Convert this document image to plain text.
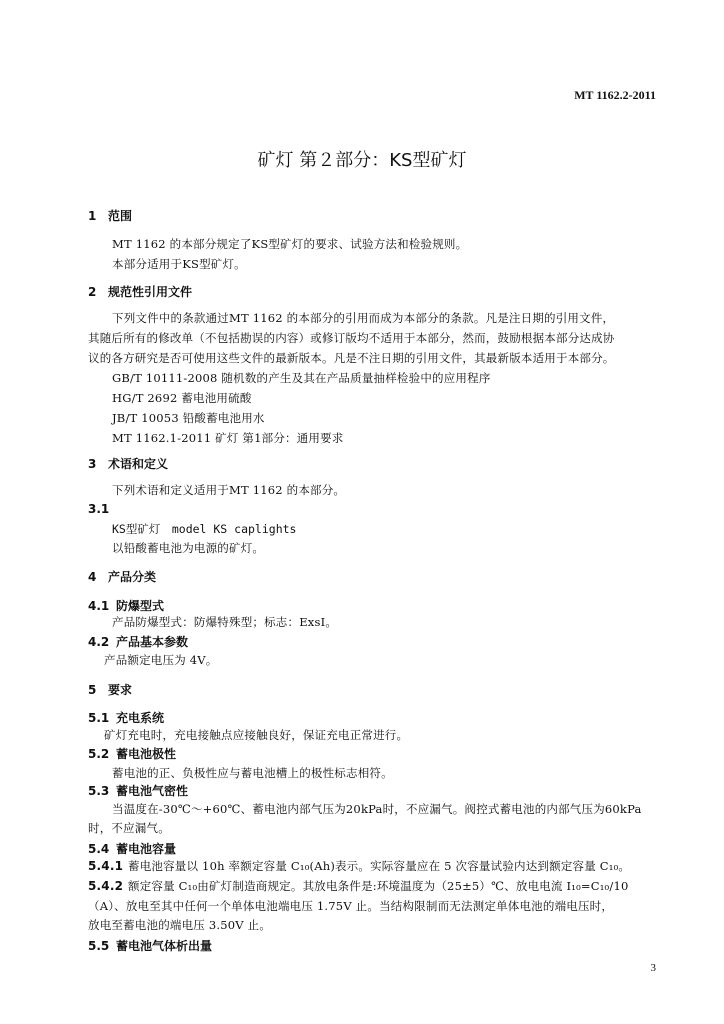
MT 1162.2-2011
矿灯 第２部分：KS型矿灯
1 范围
MT 1162 的本部分规定了KS型矿灯的要求、试验方法和检验规则。
本部分适用于KS型矿灯。
2 规范性引用文件
下列文件中的条款通过MT 1162 的本部分的引用而成为本部分的条款。凡是注日期的引用文件，
其随后所有的修改单（不包括勘误的内容）或修订版均不适用于本部分，然而，鼓励根据本部分达成协
议的各方研究是否可使用这些文件的最新版本。凡是不注日期的引用文件，其最新版本适用于本部分。
GB/T 10111-2008 随机数的产生及其在产品质量抽样检验中的应用程序
HG/T 2692 蓄电池用硫酸
JB/T 10053 铅酸蓄电池用水
MT 1162.1-2011 矿灯 第1部分：通用要求
3 术语和定义
下列术语和定义适用于MT 1162 的本部分。
3.1
KS型矿灯　model KS caplights
以铅酸蓄电池为电源的矿灯。
4 产品分类
4.1 防爆型式
产品防爆型式：防爆特殊型；标志：ExsI。
4.2 产品基本参数
产品额定电压为 4V。
5 要求
5.1 充电系统
矿灯充电时，充电接触点应接触良好，保证充电正常进行。
5.2 蓄电池极性
蓄电池的正、负极性应与蓄电池槽上的极性标志相符。
5.3 蓄电池气密性
当温度在-30℃～+60℃、蓄电池内部气压为20kPa时，不应漏气。阀控式蓄电池的内部气压为60kPa
时，不应漏气。
5.4 蓄电池容量
5.4.1 蓄电池容量以 10h 率额定容量 C₁₀(Ah)表示。实际容量应在 5 次容量试验内达到额定容量 C₁₀。
5.4.2 额定容量 C₁₀由矿灯制造商规定。其放电条件是:环境温度为（25±5）℃、放电电流 I₁₀=C₁₀/10
（A）、放电至其中任何一个单体电池端电压 1.75V 止。当结构限制而无法测定单体电池的端电压时，
放电至蓄电池的端电压 3.50V 止。
5.5 蓄电池气体析出量
3
